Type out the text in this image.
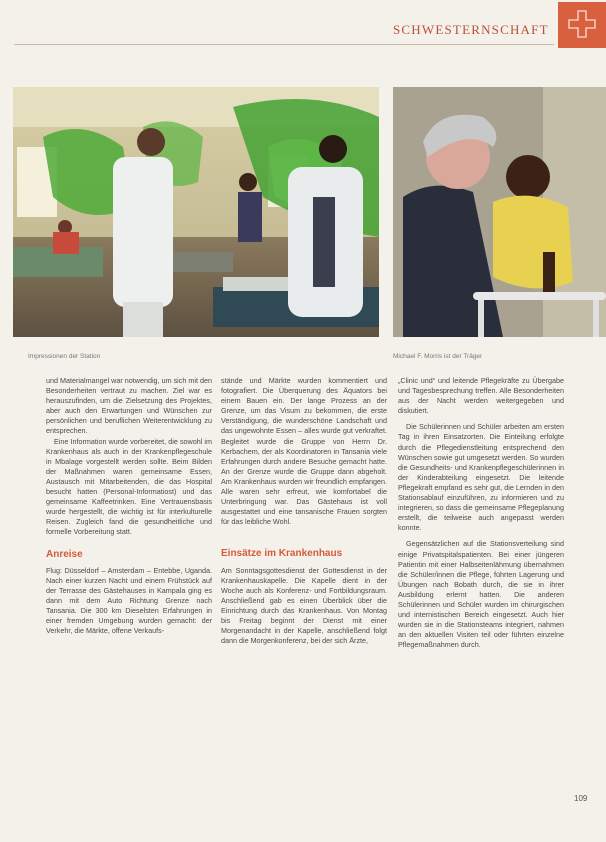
SCHWESTERNSCHAFT
Impressionen der Station	Michael F. Morris ist der Träger

und Materialmangel war notwendig, um sich mit den Besonderheiten vertraut zu machen. Ziel war es herauszufinden, um die Zielsetzung des Projektes, aber auch den Erwartungen und Wünschen zur persönlichen und beruflichen Weiterentwicklung zu entsprechen.

Eine Information wurde vorbereitet, die sowohl im Krankenhaus als auch in der Krankenpflegeschule in Mbalage vorgestellt werden sollte. Beim Bilden der Maßnahmen waren gemeinsame Essen, Austausch mit Mitarbeitenden, die das Hospital besucht hatten (Personal-Informatiost) und das gemeinsame Kaffeetrinken. Eine Vertrauensbasis wurde hergestellt, die wichtig ist für interkulturelle Reisen. Zugleich fand die gesundheitliche und formelle Vorbereitung statt.

Anreise

Flug: Düsseldorf – Amsterdam – Entebbe, Uganda. Nach einer kurzen Nacht und einem Frühstück auf der Terrasse des Gästehauses in Kampala ging es dann mit dem Auto Richtung Grenze nach Tansania. Die 300 km Dieselsten Erfahrungen in einer fremden Umgebung wurden gemacht: der Verkehr, die Märkte, offene Verkaufs-

stände und Märkte wurden kommentiert und fotografiert. Die Überquerung des Äquators bei einem Bauen ein. Der lange Prozess an der Grenze, um das Visum zu bekommen, die erste Verständigung, die wunderschöne Landschaft und das ungewohnte Essen – alles wurde gut verkraftet. Begleitet wurde die Gruppe von Herrn Dr. Kerbachem, der als Koordinatoren in Tansania viele Erfahrungen durch andere Besuche gemacht hatte. An der Grenze wurde die Gruppe dann abgeholt. Am Krankenhaus wurden wir freundlich empfangen. Alle waren sehr erfreut, wie komfortabel die Unterbringung war. Das Gästehaus ist voll ausgestattet und eine tansanische Frauen sorgten für das leibliche Wohl.

Einsätze im Krankenhaus

Am Sonntagsgottesdienst der Gottesdienst in der Krankenhauskapelle. Die Kapelle dient in der Woche auch als Konferenz- und Fortbildungsraum. Anschließend gab es einen Überblick über die Einrichtung durch das Krankenhaus. Von Montag bis Freitag beginnt der Dienst mit einer Morgenandacht in der Kapelle, anschließend folgt dann die Morgenkonferenz, bei der sich Ärzte,

„Clinic und“ und leitende Pflegekräfte zu Übergabe und Tagesbesprechung treffen. Alle Besonderheiten aus der Nacht werden weitergegeben und diskutiert.

Die Schülerinnen und Schüler arbeiten am ersten Tag in ihren Einsatzorten. Die Einteilung erfolgte durch die Pflegedienstleitung entsprechend den Wünschen sowie gut umgesetzt werden. So wurden die Gesundheits- und Krankenpflegeschülerinnen in der Kinderabteilung eingesetzt. Die leitende Pflegekraft empfand es sehr gut, die Lernden in den Stationsablauf einzuführen, zu informieren und zu integrieren, so dass die gemeinsame Pflegeplanung erstellt, die teilweise auch angepasst werden konnte.

Gegensätzlichen auf die Stationsverteilung sind einige Privatspitalspatienten. Bei einer jüngeren Patientin mit einer Halbseitenlähmung übernahmen die Schüler/innen die Pflege, führten Lagerung und Übungen nach Bobath durch, die sie in ihrer Ausbildung erlernt hatten. Die anderen Schülerinnen und Schüler wurden im chirurgischen und internistischen Bereich eingesetzt. Auch hier wurden sie in die Stationsteams integriert, nahmen an den aktuellen Visiten teil oder führten einzelne Pflegemaßnahmen durch.

109
